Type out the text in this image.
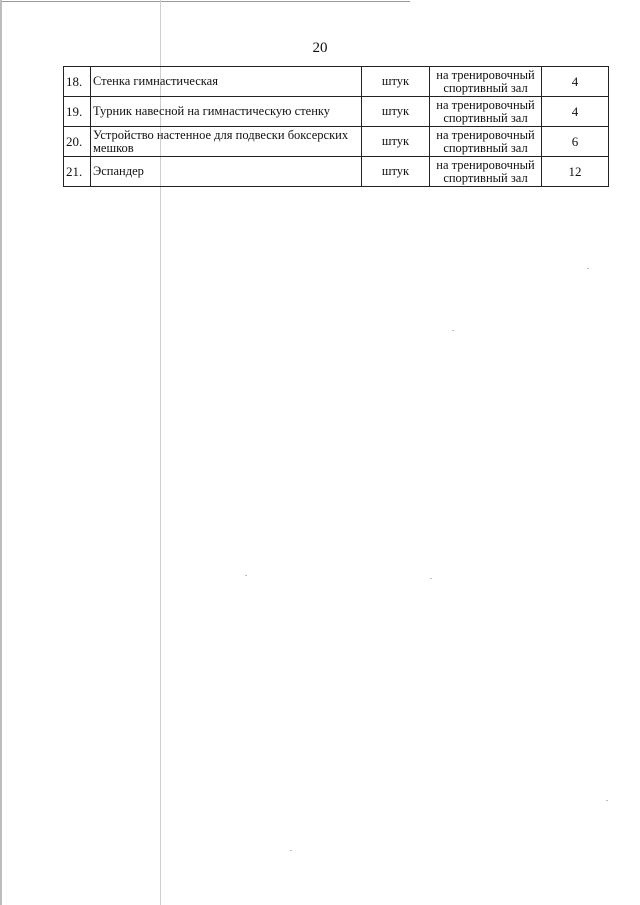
20
18.	Стенка гимнастическая	штук	на тренировочный спортивный зал	4
19.	Турник навесной на гимнастическую стенку	штук	на тренировочный спортивный зал	4
20.	Устройство настенное для подвески боксерских мешков	штук	на тренировочный спортивный зал	6
21.	Эспандер	штук	на тренировочный спортивный зал	12
